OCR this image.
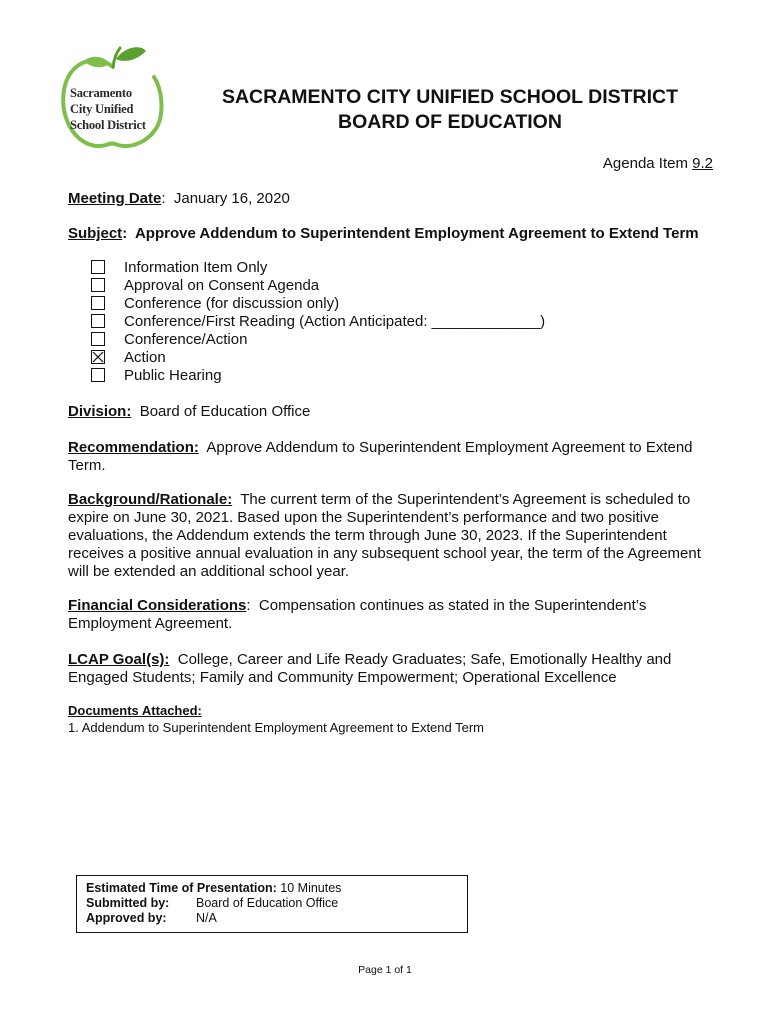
Sacramento
City Unified
School District
SACRAMENTO CITY UNIFIED SCHOOL DISTRICT
BOARD OF EDUCATION
Agenda Item 9.2
Meeting Date:  January 16, 2020
Subject:  Approve Addendum to Superintendent Employment Agreement to Extend Term
Information Item Only
Approval on Consent Agenda
Conference (for discussion only)
Conference/First Reading (Action Anticipated: _____________)
Conference/Action
Action
Public Hearing
Division: Board of Education Office
Recommendation: Approve Addendum to Superintendent Employment Agreement to Extend Term.
Background/Rationale: The current term of the Superintendent’s Agreement is scheduled to expire on June 30, 2021. Based upon the Superintendent’s performance and two positive evaluations, the Addendum extends the term through June 30, 2023. If the Superintendent receives a positive annual evaluation in any subsequent school year, the term of the Agreement will be extended an additional school year.
Financial Considerations:  Compensation continues as stated in the Superintendent’s Employment Agreement.
LCAP Goal(s): College, Career and Life Ready Graduates; Safe, Emotionally Healthy and Engaged Students; Family and Community Empowerment; Operational Excellence
Documents Attached:
1. Addendum to Superintendent Employment Agreement to Extend Term
Estimated Time of Presentation: 10 Minutes
Submitted by: Board of Education Office
Approved by: N/A
Page 1 of 1
